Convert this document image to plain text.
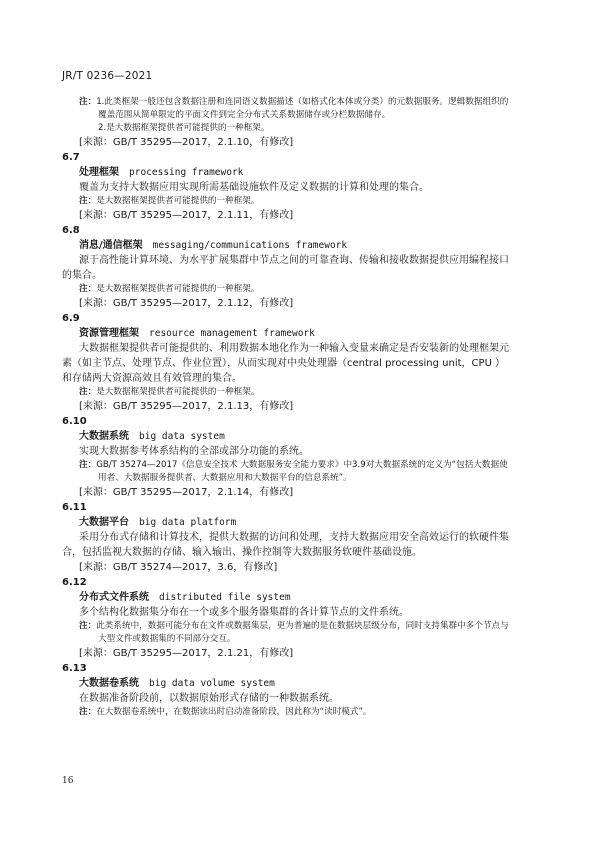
JR/T 0236—2021

注：1.此类框架一般还包含数据注册和连同语义数据描述（如格式化本体或分类）的元数据服务。逻辑数据组织的

覆盖范围从简单限定的平面文件到完全分布式关系数据储存或分栏数据储存。

2.是大数据框架提供者可能提供的一种框架。

[来源：GB/T 35295—2017，2.1.10，有修改]

6.7

处理框架 processing framework

覆盖为支持大数据应用实现所需基础设施软件及定义数据的计算和处理的集合。

注：是大数据框架提供者可能提供的一种框架。

[来源：GB/T 35295—2017，2.1.11，有修改]

6.8

消息/通信框架 messaging/communications framework

源于高性能计算环境、为水平扩展集群中节点之间的可靠查询、传输和接收数据提供应用编程接口

的集合。

注：是大数据框架提供者可能提供的一种框架。

[来源：GB/T 35295—2017，2.1.12，有修改]

6.9

资源管理框架 resource management framework

大数据框架提供者可能提供的、利用数据本地化作为一种输入变量来确定是否安装新的处理框架元

素（如主节点、处理节点、作业位置），从而实现对中央处理器（central processing unit，CPU ）

和存储两大资源高效且有效管理的集合。

注：是大数据框架提供者可能提供的一种框架。

[来源：GB/T 35295—2017，2.1.13，有修改]

6.10

大数据系统 big data system

实现大数据参考体系结构的全部或部分功能的系统。

注：GB/T 35274—2017《信息安全技术 大数据服务安全能力要求》中3.9对大数据系统的定义为“包括大数据使

用者、大数据服务提供者、大数据应用和大数据平台的信息系统”。

[来源：GB/T 35295—2017，2.1.14，有修改]

6.11

大数据平台 big data platform

采用分布式存储和计算技术，提供大数据的访问和处理，支持大数据应用安全高效运行的软硬件集

合，包括监视大数据的存储、输入输出、操作控制等大数据服务软硬件基础设施。

[来源：GB/T 35274—2017，3.6，有修改]

6.12

分布式文件系统 distributed file system

多个结构化数据集分布在一个或多个服务器集群的各计算节点的文件系统。

注：此类系统中，数据可能分布在文件或数据集层，更为普遍的是在数据块层级分布，同时支持集群中多个节点与

大型文件或数据集的不同部分交互。

[来源：GB/T 35295—2017，2.1.21，有修改]

6.13

大数据卷系统 big data volume system

在数据准备阶段前，以数据原始形式存储的一种数据系统。

注：在大数据卷系统中，在数据读出时启动准备阶段，因此称为“读时模式”。

16
